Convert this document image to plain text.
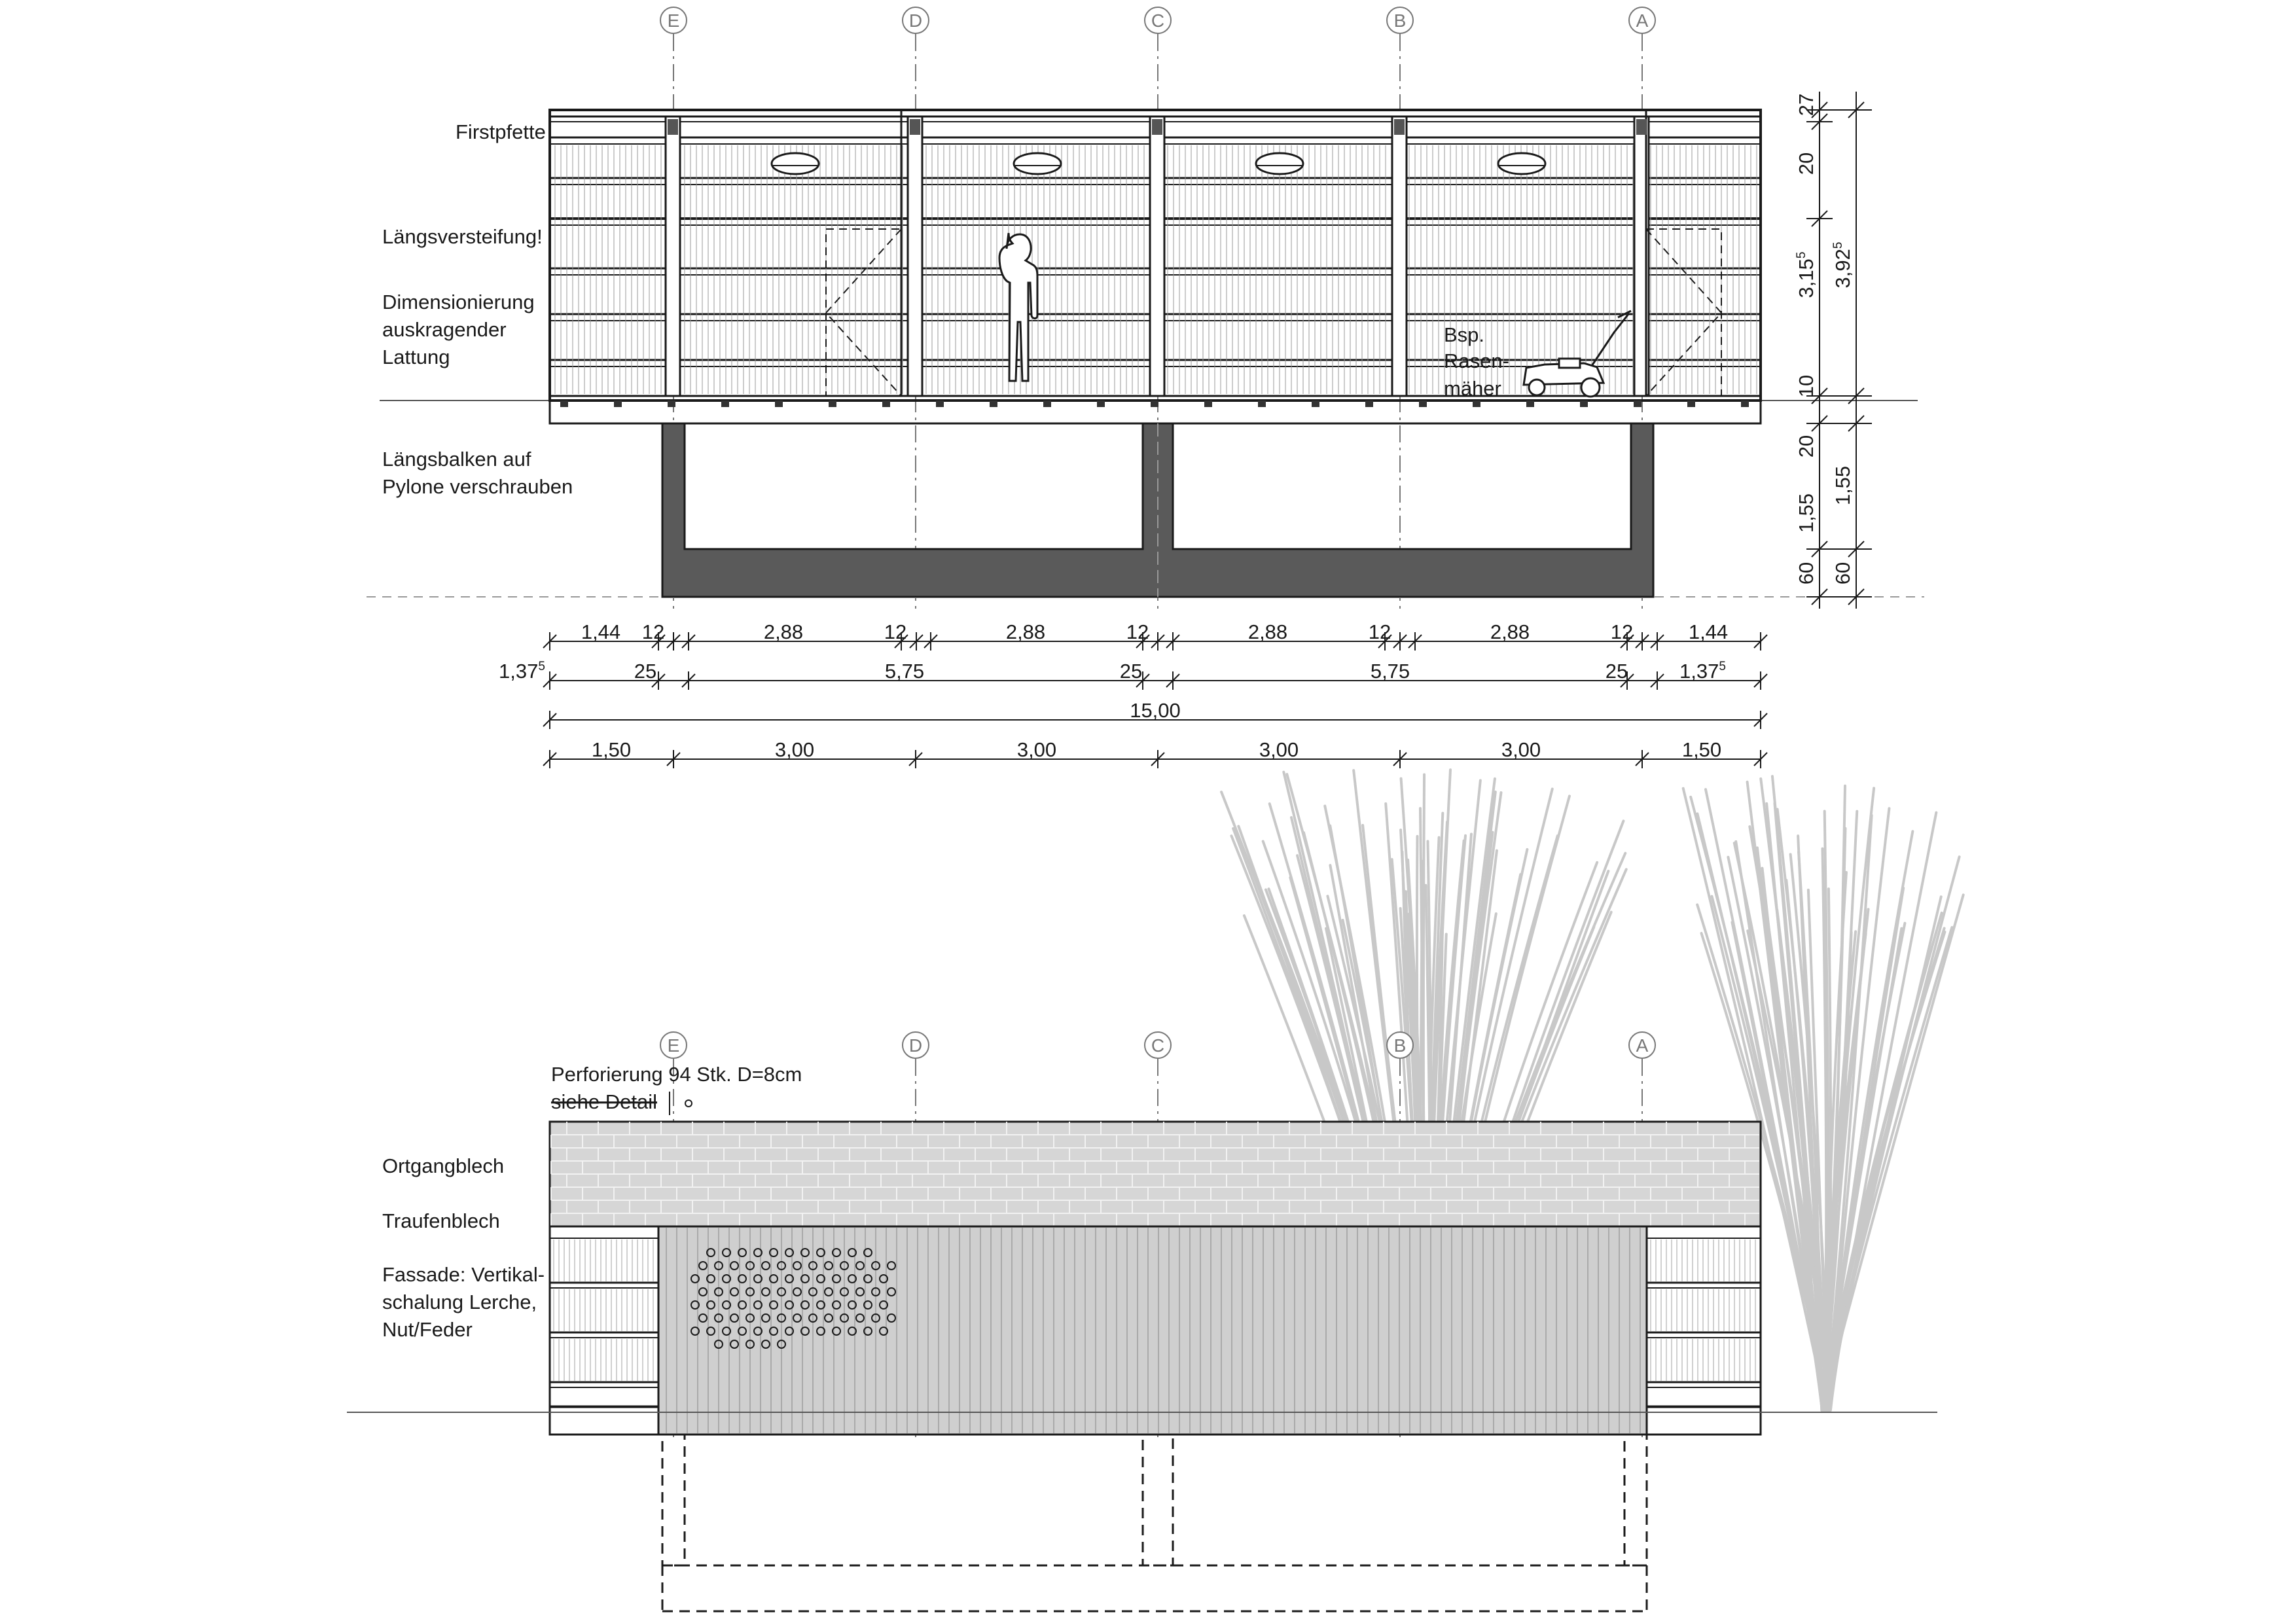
E	D	C	B	A
Firstpfette
Längsversteifung!
Dimensionierung
auskragender
Lattung
Längsbalken auf
Pylone verschrauben
Bsp.
Rasen-
mäher
27
20
3,15$^5$
10
20
1,55
60
3,92$^5$
1,55
60
1,44 12	2,88	12	2,88	12	2,88	12	2,88	12	1,44
1,37$^5$	25	5,75	25	5,75	25	1,37$^5$
15,00
1,50	3,00	3,00	3,00	3,00	1,50
E	D	C	B	A
Perforierung 94 Stk. D=8cm
siehe Detail
Ortgangblech
Traufenblech
Fassade: Vertikal-
schalung Lerche,
Nut/Feder
